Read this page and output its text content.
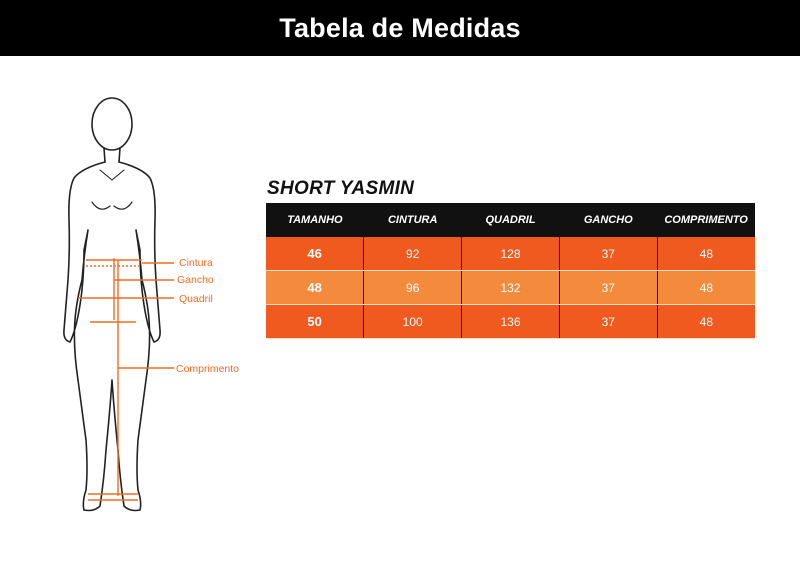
Tabela de Medidas
Cintura
Gancho
Quadril
Comprimento
SHORT YASMIN
TAMANHO	CINTURA	QUADRIL	GANCHO	COMPRIMENTO
46	92	128	37	48
48	96	132	37	48
50	100	136	37	48
